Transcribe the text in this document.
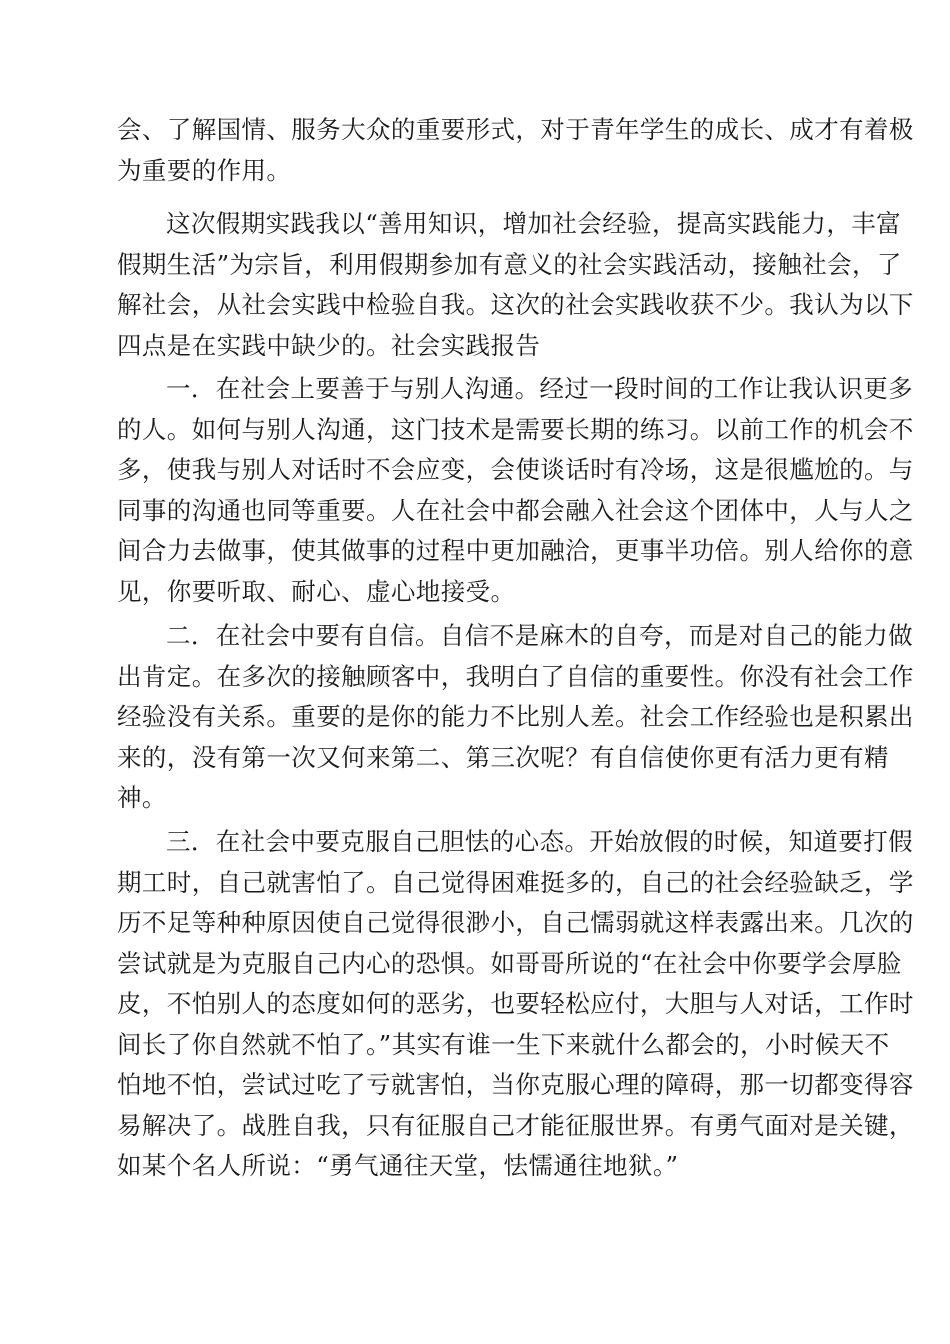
会、了解国情、服务大众的重要形式，对于青年学生的成长、成才有着极
为重要的作用。
这次假期实践我以“善用知识，增加社会经验，提高实践能力，丰富
假期生活”为宗旨，利用假期参加有意义的社会实践活动，接触社会，了
解社会，从社会实践中检验自我。这次的社会实践收获不少。我认为以下
四点是在实践中缺少的。社会实践报告
一．在社会上要善于与别人沟通。经过一段时间的工作让我认识更多
的人。如何与别人沟通，这门技术是需要长期的练习。以前工作的机会不
多，使我与别人对话时不会应变，会使谈话时有冷场，这是很尴尬的。与
同事的沟通也同等重要。人在社会中都会融入社会这个团体中，人与人之
间合力去做事，使其做事的过程中更加融洽，更事半功倍。别人给你的意
见，你要听取、耐心、虚心地接受。
二．在社会中要有自信。自信不是麻木的自夸，而是对自己的能力做
出肯定。在多次的接触顾客中，我明白了自信的重要性。你没有社会工作
经验没有关系。重要的是你的能力不比别人差。社会工作经验也是积累出
来的，没有第一次又何来第二、第三次呢？有自信使你更有活力更有精
神。
三．在社会中要克服自己胆怯的心态。开始放假的时候，知道要打假
期工时，自己就害怕了。自己觉得困难挺多的，自己的社会经验缺乏，学
历不足等种种原因使自己觉得很渺小，自己懦弱就这样表露出来。几次的
尝试就是为克服自己内心的恐惧。如哥哥所说的“在社会中你要学会厚脸
皮，不怕别人的态度如何的恶劣，也要轻松应付，大胆与人对话，工作时
间长了你自然就不怕了。”其实有谁一生下来就什么都会的，小时候天不
怕地不怕，尝试过吃了亏就害怕，当你克服心理的障碍，那一切都变得容
易解决了。战胜自我，只有征服自己才能征服世界。有勇气面对是关键，
如某个名人所说：“勇气通往天堂，怯懦通往地狱。”
